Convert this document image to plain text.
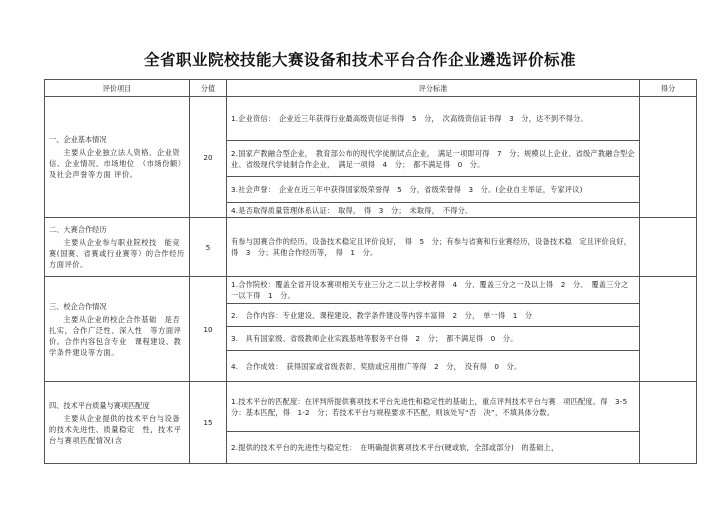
全省职业院校技能大赛设备和技术平台合作企业遴选评价标准
评价项目	分值	评分标准	得分

一、企业基本情况
主要从企业独立法人资格、企业资信、企业情况、市场地位　（市场份额）及社会声誉等方面 评价。	20	1.企业资信：　企业近三年获得行业最高级资信证书得　5　分，　次高级资信证书得　3　分，达不到不得分。	
		2.国家产教融合型企业，　教育部公布的现代学徒制试点企业，　满足一项即可得　7　分；规模以上企业、省级产教融合型企业、省级现代学徒制合作企业，　满足一项得　4　分；　都不满足得　0　分。	
		3.社会声誉：　企业在近三年中获得国家级荣誉得　5　分，省级荣誉得　3　分。(企业自主举证，专家评议)	
		4.是否取得质量管理体系认证：　取得，　得　3　分；　未取得，　不得分。	

二、大赛合作经历
主要从企业参与职业院校技　能竞赛(国赛、省赛或行业赛等）的合作经历方面评价。	5	有参与国赛合作的经历，设备技术稳定且评价良好，　得　5　分；有参与省赛和行业赛经历，设备技术稳　定且评价良好，　得　3　分；其他合作经历等，　得　1　分。	

三、校企合作情况
主要从企业的校企合作基础　是否扎实，合作广泛性、深入性　等方面评价。合作内容包含专业　课程建设、教学条件建设等方面。	10	1.合作院校：覆盖全省开设本赛项相关专业三分之二以上学校者得　4　分、覆盖三分之一及以上得　2　分、　覆盖三分之一以下得　1　分。	
		2.　合作内容：专业建设、课程建设、教学条件建设等内容丰富得　2　分，　单一得　1　分	
		3.　具有国家级、省级教师企业实践基地等服务平台得　2　分；　都不满足得　0　分。	
		4.　合作成效：　获得国家或省级表彰、奖励或应用推广等得　2　分，　没有得　0　分。	

四、技术平台质量与赛项匹配度
主要从企业提供的技术平台与设备的技术先进性、质量稳定　性，技术平台与赛项匹配情况(含	15	1.技术平台的匹配度：在评判所提供赛项技术平台先进性和稳定性的基础上，重点评判技术平台与赛　项匹配度。得　3-5　分：基本匹配，得　1-2　分；若技术平台与规程要求不匹配，则该处写“否　决”，不填具体分数。	
		2.提供的技术平台的先进性与稳定性：　在明确提供赛项技术平台(硬或软，全部或部分)　的基础上，	
